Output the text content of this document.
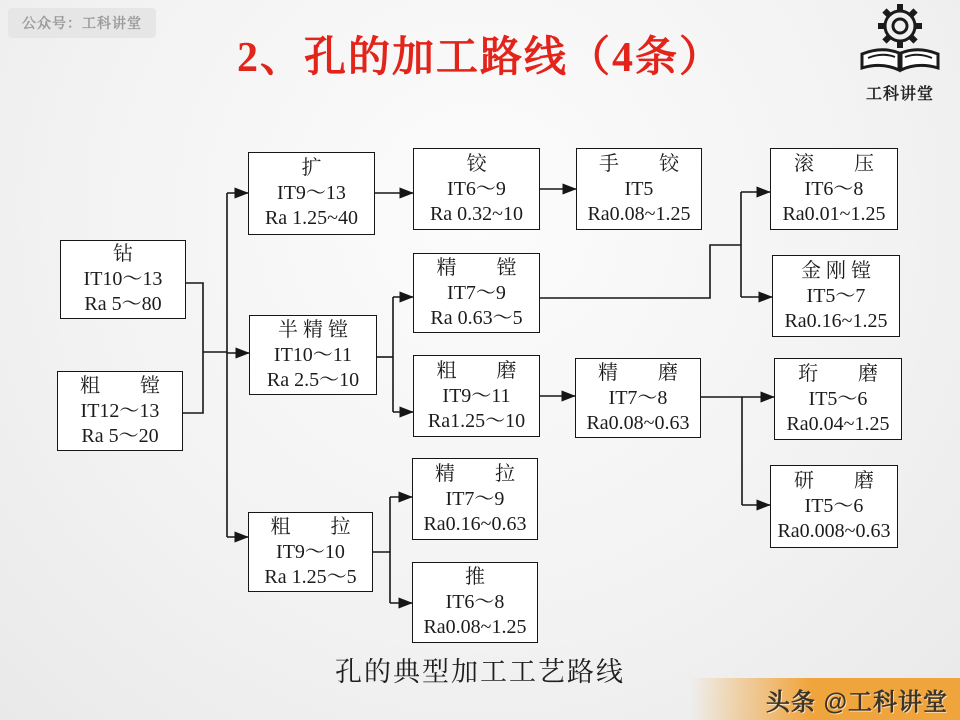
公众号：工科讲堂
2、孔的加工路线（4条）
工科讲堂
钻
IT10～13
Ra 5～80
粗　　镗
IT12～13
Ra 5～20
扩
IT9～13
Ra 1.25~40
半 精 镗
IT10～11
Ra 2.5～10
粗　　拉
IT9～10
Ra 1.25～5
铰
IT6～9
Ra 0.32~10
精　　镗
IT7～9
Ra 0.63～5
粗　　磨
IT9～11
Ra1.25～10
精　　拉
IT7～9
Ra0.16~0.63
推
IT6～8
Ra0.08~1.25
手　　铰
IT5
Ra0.08~1.25
精　　磨
IT7～8
Ra0.08~0.63
滚　　压
IT6～8
Ra0.01~1.25
金 刚 镗
IT5～7
Ra0.16~1.25
珩　　磨
IT5～6
Ra0.04~1.25
研　　磨
IT5～6
Ra0.008~0.63
孔的典型加工工艺路线
头条 @工科讲堂
